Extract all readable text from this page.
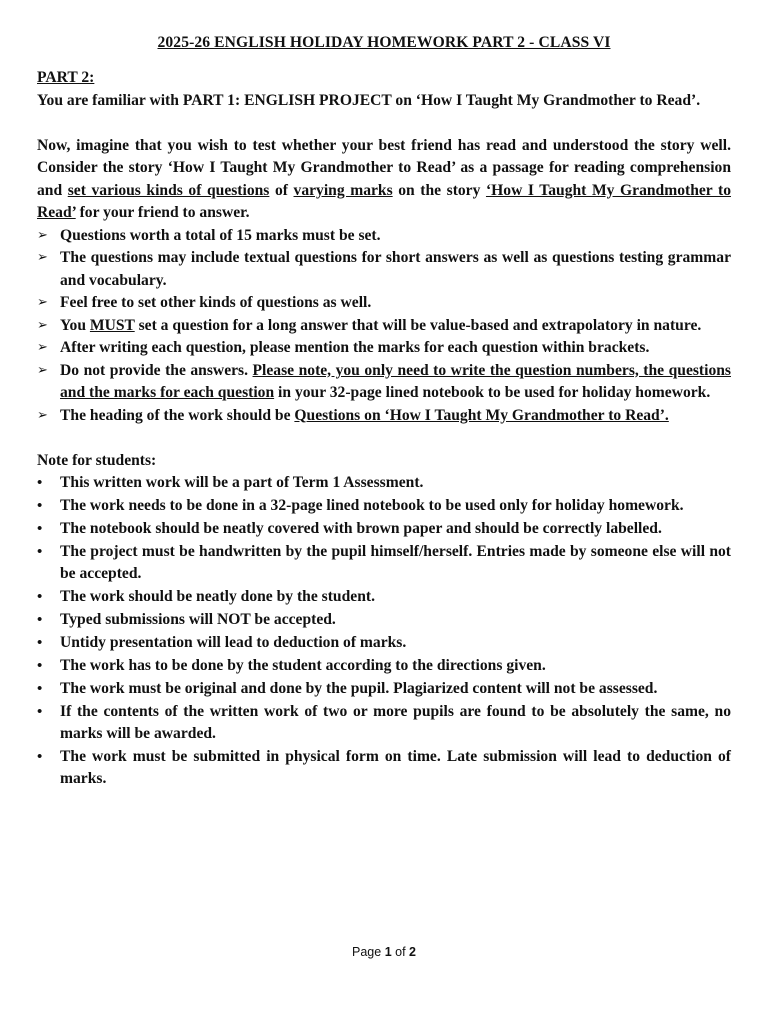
2025-26 ENGLISH HOLIDAY HOMEWORK PART 2 - CLASS VI

PART 2:

You are familiar with PART 1: ENGLISH PROJECT on ‘How I Taught My Grandmother to Read’.

Now, imagine that you wish to test whether your best friend has read and understood the story well. Consider the story ‘How I Taught My Grandmother to Read’ as a passage for reading comprehension and set various kinds of questions of varying marks on the story ‘How I Taught My Grandmother to Read’ for your friend to answer.

➢ Questions worth a total of 15 marks must be set.
➢ The questions may include textual questions for short answers as well as questions testing grammar and vocabulary.
➢ Feel free to set other kinds of questions as well.
➢ You MUST set a question for a long answer that will be value-based and extrapolatory in nature.
➢ After writing each question, please mention the marks for each question within brackets.
➢ Do not provide the answers. Please note, you only need to write the question numbers, the questions and the marks for each question in your 32-page lined notebook to be used for holiday homework.
➢ The heading of the work should be Questions on ‘How I Taught My Grandmother to Read’.

Note for students:

• This written work will be a part of Term 1 Assessment.
• The work needs to be done in a 32-page lined notebook to be used only for holiday homework.
• The notebook should be neatly covered with brown paper and should be correctly labelled.
• The project must be handwritten by the pupil himself/herself. Entries made by someone else will not be accepted.
• The work should be neatly done by the student.
• Typed submissions will NOT be accepted.
• Untidy presentation will lead to deduction of marks.
• The work has to be done by the student according to the directions given.
• The work must be original and done by the pupil. Plagiarized content will not be assessed.
• If the contents of the written work of two or more pupils are found to be absolutely the same, no marks will be awarded.
• The work must be submitted in physical form on time. Late submission will lead to deduction of marks.
Page 1 of 2
